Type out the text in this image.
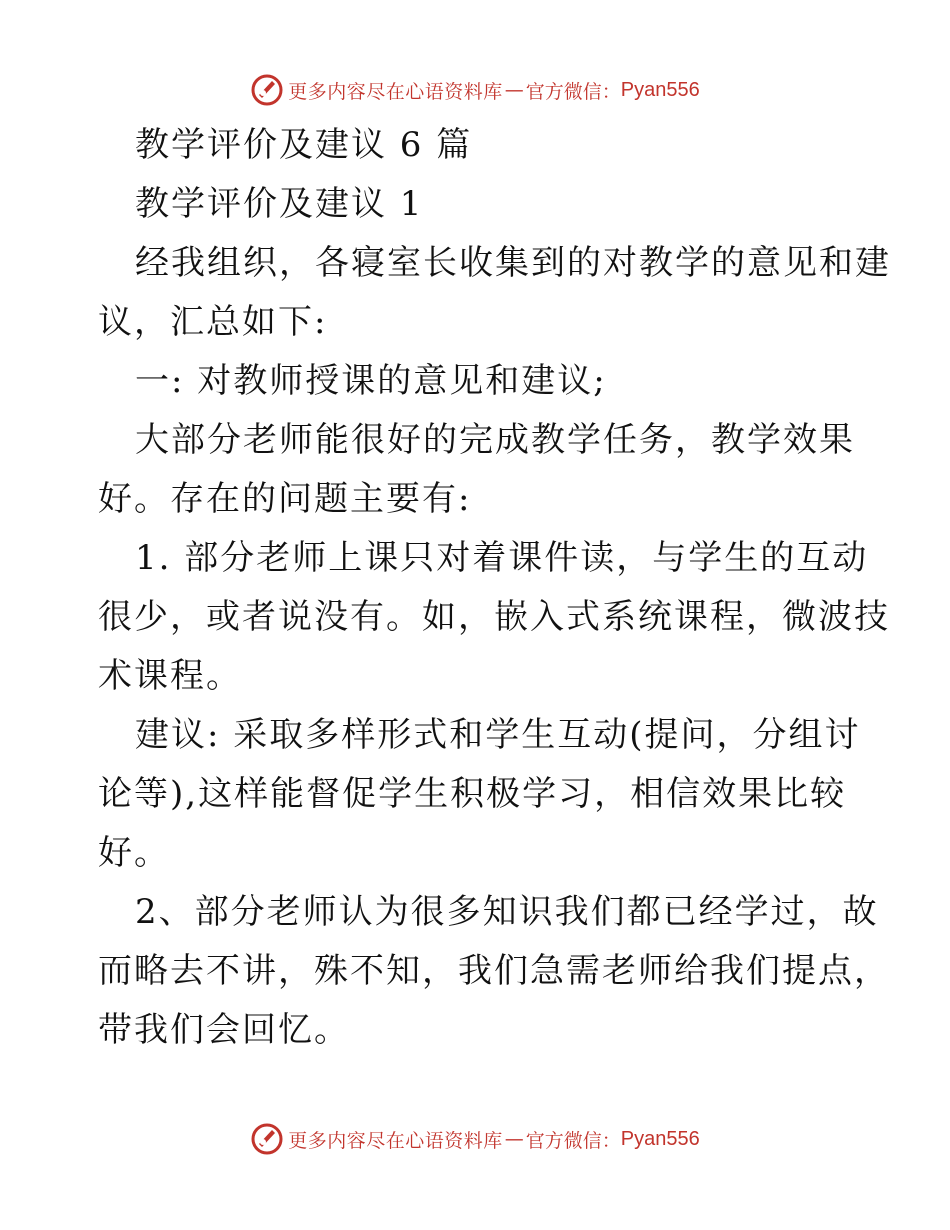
更多内容尽在心语资料库 — 官方微信： Pyan556
教学评价及建议 6 篇
教学评价及建议 1
经我组织，各寝室长收集到的对教学的意见和建
议，汇总如下:
一: 对教师授课的意见和建议;
大部分老师能很好的完成教学任务，教学效果
好。存在的问题主要有:
1. 部分老师上课只对着课件读，与学生的互动
很少，或者说没有。如，嵌入式系统课程，微波技
术课程。
建议: 采取多样形式和学生互动(提问，分组讨
论等),这样能督促学生积极学习，相信效果比较
好。
2、部分老师认为很多知识我们都已经学过，故
而略去不讲，殊不知，我们急需老师给我们提点，
带我们会回忆。
更多内容尽在心语资料库 — 官方微信： Pyan556
